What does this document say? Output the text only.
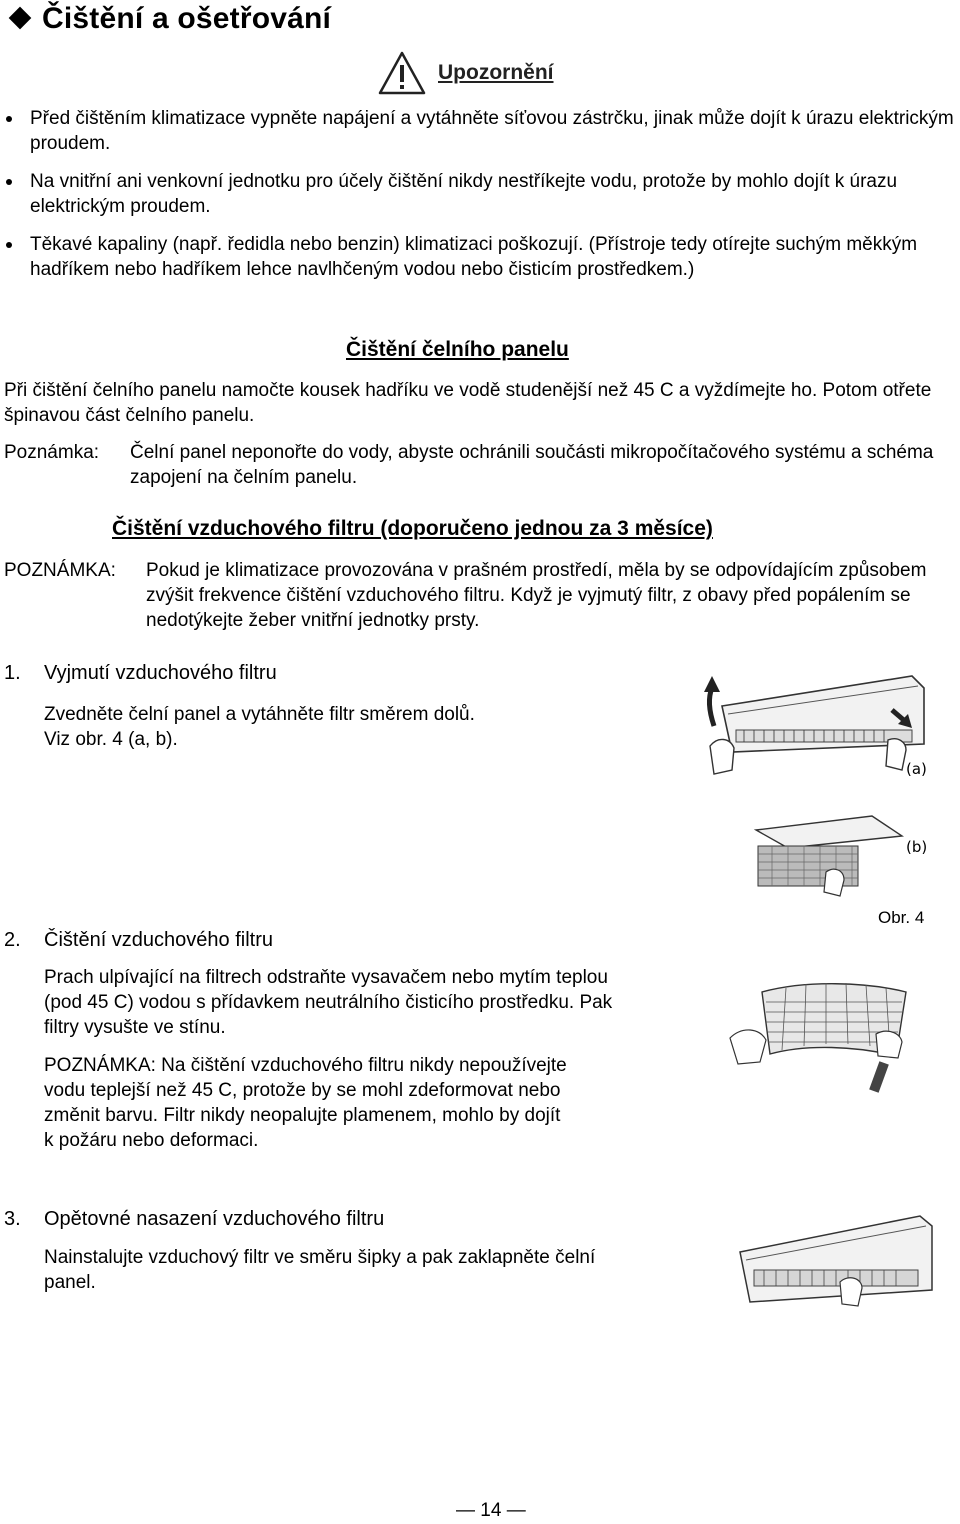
Čištění a ošetřování
Upozornění
Před čištěním klimatizace vypněte napájení a vytáhněte síťovou zástrčku, jinak může dojít k úrazu elektrickým proudem.
Na vnitřní ani venkovní jednotku pro účely čištění nikdy nestříkejte vodu, protože by mohlo dojít k úrazu elektrickým proudem.
Těkavé kapaliny (např. ředidla nebo benzin) klimatizaci poškozují. (Přístroje tedy otírejte suchým měkkým hadříkem nebo hadříkem lehce navlhčeným vodou nebo čisticím prostředkem.)
Čištění čelního panelu
Při čištění čelního panelu namočte kousek hadříku ve vodě studenější než 45 C a vyždímejte ho. Potom otřete špinavou část čelního panelu.
Poznámka:	Čelní panel neponořte do vody, abyste ochránili součásti mikropočítačového systému a schéma zapojení na čelním panelu.
Čištění vzduchového filtru (doporučeno jednou za 3 měsíce)
POZNÁMKA:	Pokud je klimatizace provozována v prašném prostředí, měla by se odpovídajícím způsobem zvýšit frekvence čištění vzduchového filtru. Když je vyjmutý filtr, z obavy před popálením se nedotýkejte žeber vnitřní jednotky prsty.
1. Vyjmutí vzduchového filtru
Zvedněte čelní panel a vytáhněte filtr směrem dolů.
Viz obr. 4 (a, b).
(a)
(b)
Obr. 4
2. Čištění vzduchového filtru
Prach ulpívající na filtrech odstraňte vysavačem nebo mytím teplou (pod 45 C) vodou s přídavkem neutrálního čisticího prostředku. Pak filtry vysušte ve stínu.
POZNÁMKA: Na čištění vzduchového filtru nikdy nepoužívejte vodu teplejší než 45 C, protože by se mohl zdeformovat nebo změnit barvu. Filtr nikdy neopalujte plamenem, mohlo by dojít k požáru nebo deformaci.
3. Opětovné nasazení vzduchového filtru
Nainstalujte vzduchový filtr ve směru šipky a pak zaklapněte čelní panel.
— 14 —
